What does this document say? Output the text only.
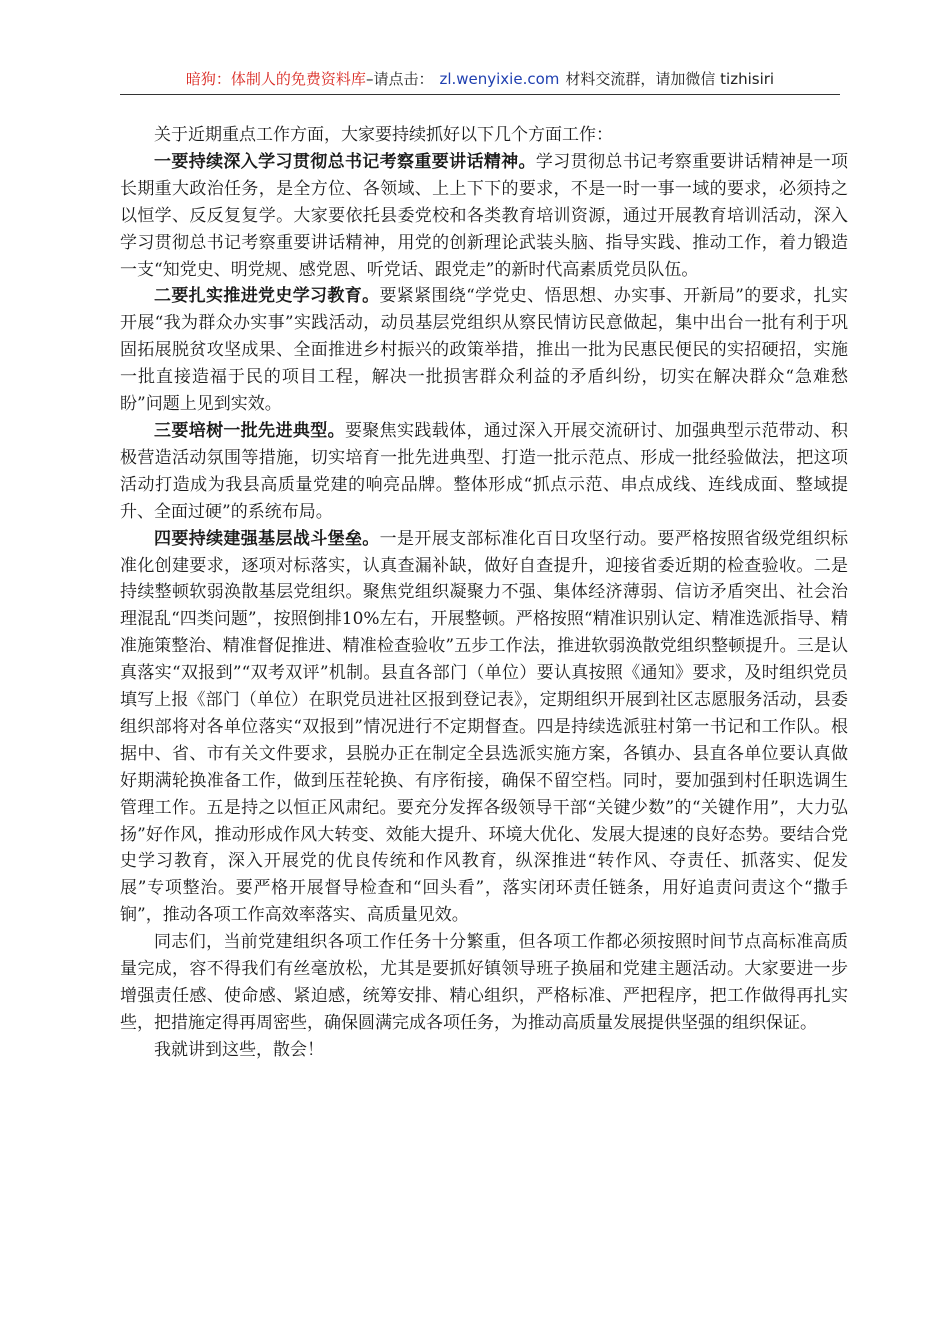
暗狗：体制人的免费资料库–请点击： zl.wenyixie.com 材料交流群，请加微信 tizhisiri

关于近期重点工作方面，大家要持续抓好以下几个方面工作：

一要持续深入学习贯彻总书记考察重要讲话精神。学习贯彻总书记考察重要讲话精神是一项长期重大政治任务，是全方位、各领域、上上下下的要求，不是一时一事一域的要求，必须持之以恒学、反反复复学。大家要依托县委党校和各类教育培训资源，通过开展教育培训活动，深入学习贯彻总书记考察重要讲话精神，用党的创新理论武装头脑、指导实践、推动工作，着力锻造一支“知党史、明党规、感党恩、听党话、跟党走”的新时代高素质党员队伍。

二要扎实推进党史学习教育。要紧紧围绕“学党史、悟思想、办实事、开新局”的要求，扎实开展“我为群众办实事”实践活动，动员基层党组织从察民情访民意做起，集中出台一批有利于巩固拓展脱贫攻坚成果、全面推进乡村振兴的政策举措，推出一批为民惠民便民的实招硬招，实施一批直接造福于民的项目工程，解决一批损害群众利益的矛盾纠纷，切实在解决群众“急难愁盼”问题上见到实效。

三要培树一批先进典型。要聚焦实践载体，通过深入开展交流研讨、加强典型示范带动、积极营造活动氛围等措施，切实培育一批先进典型、打造一批示范点、形成一批经验做法，把这项活动打造成为我县高质量党建的响亮品牌。整体形成“抓点示范、串点成线、连线成面、整域提升、全面过硬”的系统布局。

四要持续建强基层战斗堡垒。一是开展支部标准化百日攻坚行动。要严格按照省级党组织标准化创建要求，逐项对标落实，认真查漏补缺，做好自查提升，迎接省委近期的检查验收。二是持续整顿软弱涣散基层党组织。聚焦党组织凝聚力不强、集体经济薄弱、信访矛盾突出、社会治理混乱“四类问题”，按照倒排10%左右，开展整顿。严格按照“精准识别认定、精准选派指导、精准施策整治、精准督促推进、精准检查验收”五步工作法，推进软弱涣散党组织整顿提升。三是认真落实“双报到”“双考双评”机制。县直各部门（单位）要认真按照《通知》要求，及时组织党员填写上报《部门（单位）在职党员进社区报到登记表》，定期组织开展到社区志愿服务活动，县委组织部将对各单位落实“双报到”情况进行不定期督查。四是持续选派驻村第一书记和工作队。根据中、省、市有关文件要求，县脱办正在制定全县选派实施方案，各镇办、县直各单位要认真做好期满轮换准备工作，做到压茬轮换、有序衔接，确保不留空档。同时，要加强到村任职选调生管理工作。五是持之以恒正风肃纪。要充分发挥各级领导干部“关键少数”的“关键作用”，大力弘扬”好作风，推动形成作风大转变、效能大提升、环境大优化、发展大提速的良好态势。要结合党史学习教育，深入开展党的优良传统和作风教育，纵深推进“转作风、夺责任、抓落实、促发展”专项整治。要严格开展督导检查和“回头看”，落实闭环责任链条，用好追责问责这个“撒手锏”，推动各项工作高效率落实、高质量见效。

同志们，当前党建组织各项工作任务十分繁重，但各项工作都必须按照时间节点高标准高质量完成，容不得我们有丝毫放松，尤其是要抓好镇领导班子换届和党建主题活动。大家要进一步增强责任感、使命感、紧迫感，统筹安排、精心组织，严格标准、严把程序，把工作做得再扎实些，把措施定得再周密些，确保圆满完成各项任务，为推动高质量发展提供坚强的组织保证。

我就讲到这些，散会！
